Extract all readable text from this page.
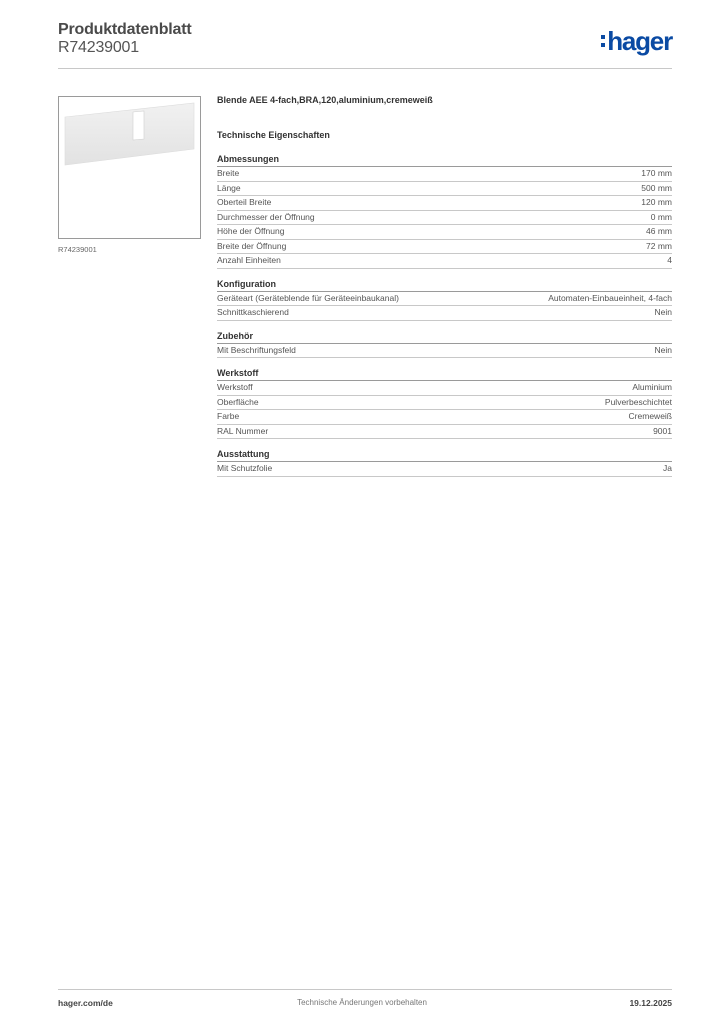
Produktdatenblatt
R74239001	hager
R74239001
Blende AEE 4-fach,BRA,120,aluminium,cremeweiß
Technische Eigenschaften
Abmessungen
Breite	170 mm
Länge	500 mm
Oberteil Breite	120 mm
Durchmesser der Öffnung	0 mm
Höhe der Öffnung	46 mm
Breite der Öffnung	72 mm
Anzahl Einheiten	4
Konfiguration
Geräteart (Geräteblende für Geräteeinbaukanal)	Automaten-Einbaueinheit, 4-fach
Schnittkaschierend	Nein
Zubehör
Mit Beschriftungsfeld	Nein
Werkstoff
Werkstoff	Aluminium
Oberfläche	Pulverbeschichtet
Farbe	Cremeweiß
RAL Nummer	9001
Ausstattung
Mit Schutzfolie	Ja
hager.com/de	Technische Änderungen vorbehalten	19.12.2025
